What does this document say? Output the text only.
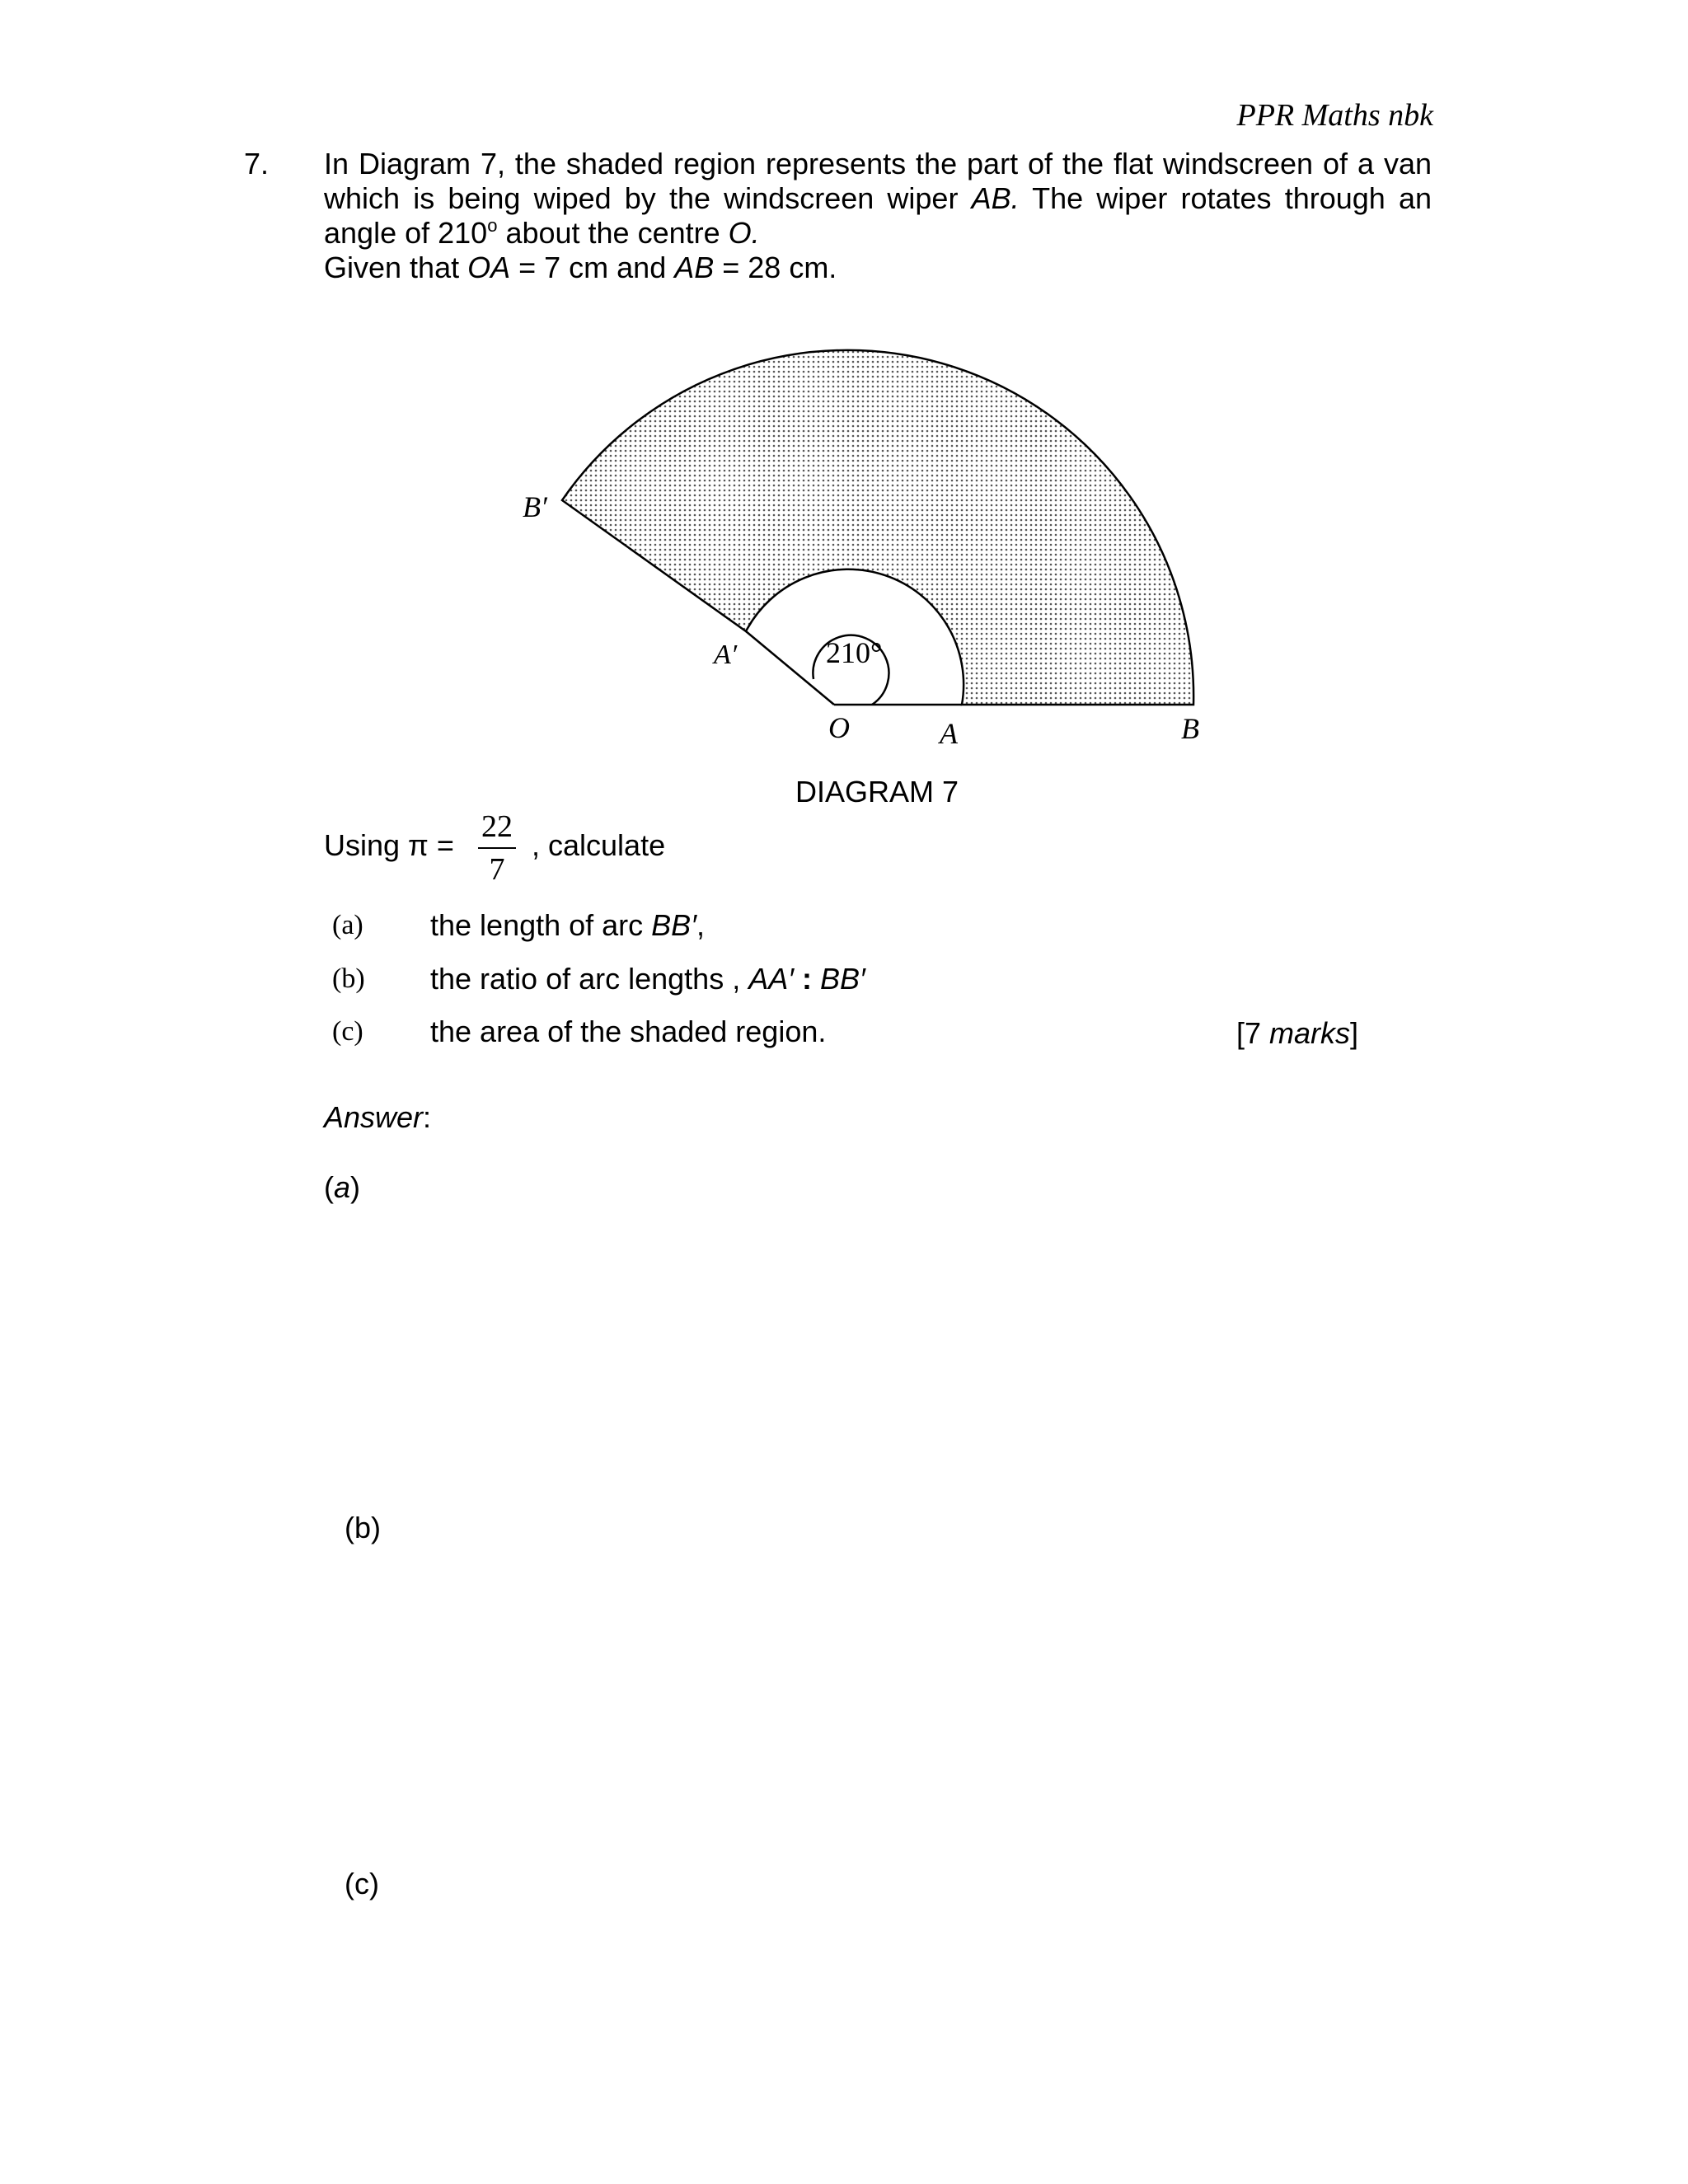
PPR Maths nbk
7. In Diagram 7, the shaded region represents the part of the flat windscreen of a van

which is being wiped by the windscreen wiper AB. The wiper rotates through an

angle of 210$^o$ about the centre O.

Given that OA = 7 cm and AB = 28 cm.

B′
A′	210°
O	A	B
DIAGRAM 7
Using π =
22
7
, calculate
(a) the length of arc BB′,
(b) the ratio of arc lengths , AA′ : BB′
(c) the area of the shaded region.	[7 marks]
Answer:
(a)
(b)
(c)
